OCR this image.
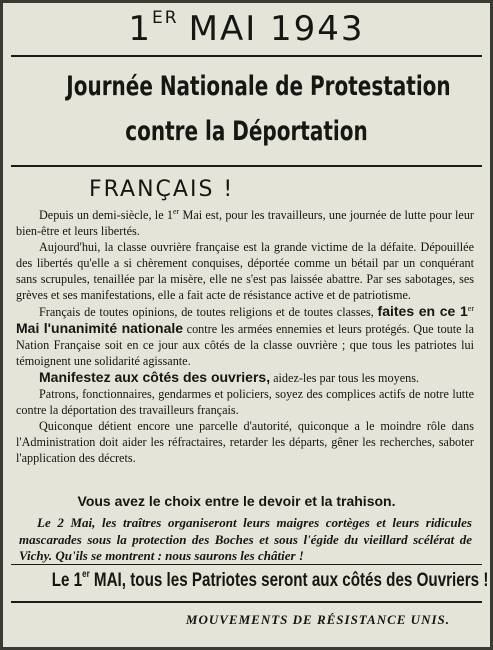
1ER MAI 1943
Journée Nationale de Protestation
contre la Déportation
FRANÇAIS !

Depuis un demi-siècle, le 1er Mai est, pour les travailleurs, une journée de lutte pour leur bien-être et leurs libertés.

Aujourd'hui, la classe ouvrière française est la grande victime de la défaite. Dépouillée des libertés qu'elle a si chèrement conquises, déportée comme un bétail par un conquérant sans scrupules, tenaillée par la misère, elle ne s'est pas laissée abattre. Par ses sabotages, ses grèves et ses manifestations, elle a fait acte de résistance active et de patriotisme.

Français de toutes opinions, de toutes religions et de toutes classes, faites en ce 1er Mai l'unanimité nationale contre les armées ennemies et leurs protégés. Que toute la Nation Française soit en ce jour aux côtés de la classe ouvrière ; que tous les patriotes lui témoignent une solidarité agissante.

Manifestez aux côtés des ouvriers, aidez-les par tous les moyens.

Patrons, fonctionnaires, gendarmes et policiers, soyez des complices actifs de notre lutte contre la déportation des travailleurs français.

Quiconque détient encore une parcelle d'autorité, quiconque a le moindre rôle dans l'Administration doit aider les réfractaires, retarder les départs, gêner les recherches, saboter l'application des décrets.

Vous avez le choix entre le devoir et la trahison.

Le 2 Mai, les traîtres organiseront leurs maigres cortèges et leurs ridicules mascarades sous la protection des Boches et sous l'égide du vieillard scélérat de Vichy. Qu'ils se montrent : nous saurons les châtier !

Le 1er MAI, tous les Patriotes seront aux côtés des Ouvriers !
MOUVEMENTS DE RÉSISTANCE UNIS.
